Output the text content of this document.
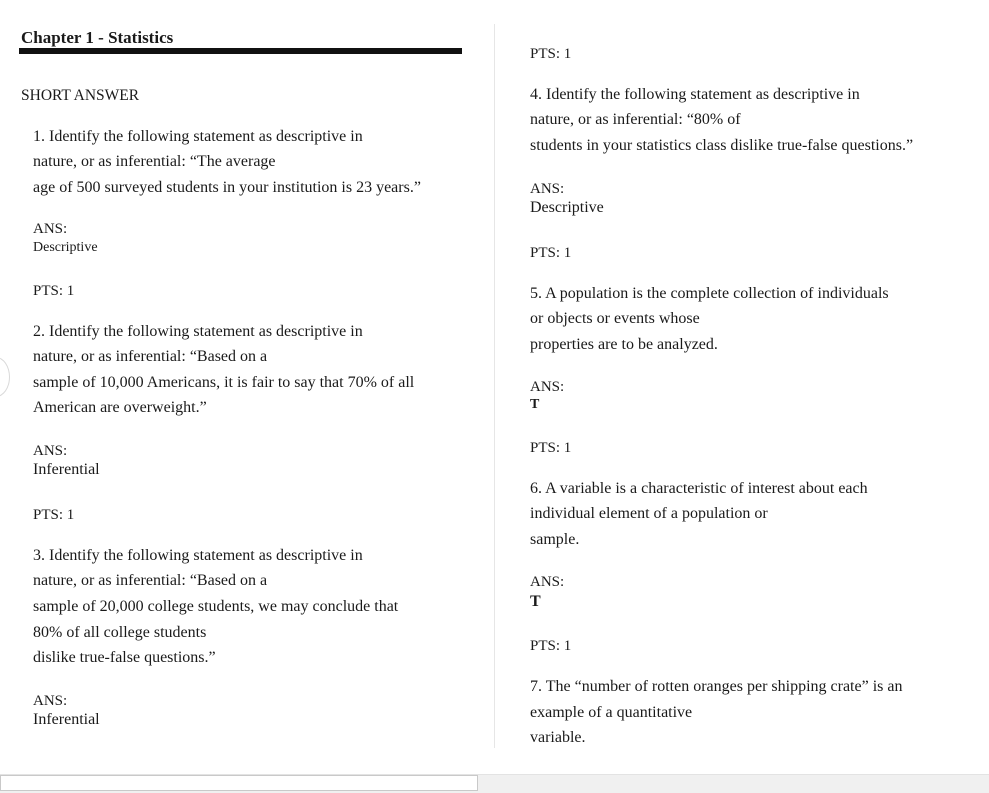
Chapter 1 - Statistics
SHORT ANSWER
1. Identify the following statement as descriptive in
nature, or as inferential: “The average
age of 500 surveyed students in your institution is 23 years.”
ANS:
Descriptive
PTS: 1
2. Identify the following statement as descriptive in
nature, or as inferential: “Based on a
sample of 10,000 Americans, it is fair to say that 70% of all
American are overweight.”
ANS:
Inferential
PTS: 1
3. Identify the following statement as descriptive in
nature, or as inferential: “Based on a
sample of 20,000 college students, we may conclude that
80% of all college students
dislike true-false questions.”
ANS:
Inferential
PTS: 1
4. Identify the following statement as descriptive in
nature, or as inferential: “80% of
students in your statistics class dislike true-false questions.”
ANS:
Descriptive
PTS: 1
5. A population is the complete collection of individuals
or objects or events whose
properties are to be analyzed.
ANS:
T
PTS: 1
6. A variable is a characteristic of interest about each
individual element of a population or
sample.
ANS:
T
PTS: 1
7. The “number of rotten oranges per shipping crate” is an
example of a quantitative
variable.
